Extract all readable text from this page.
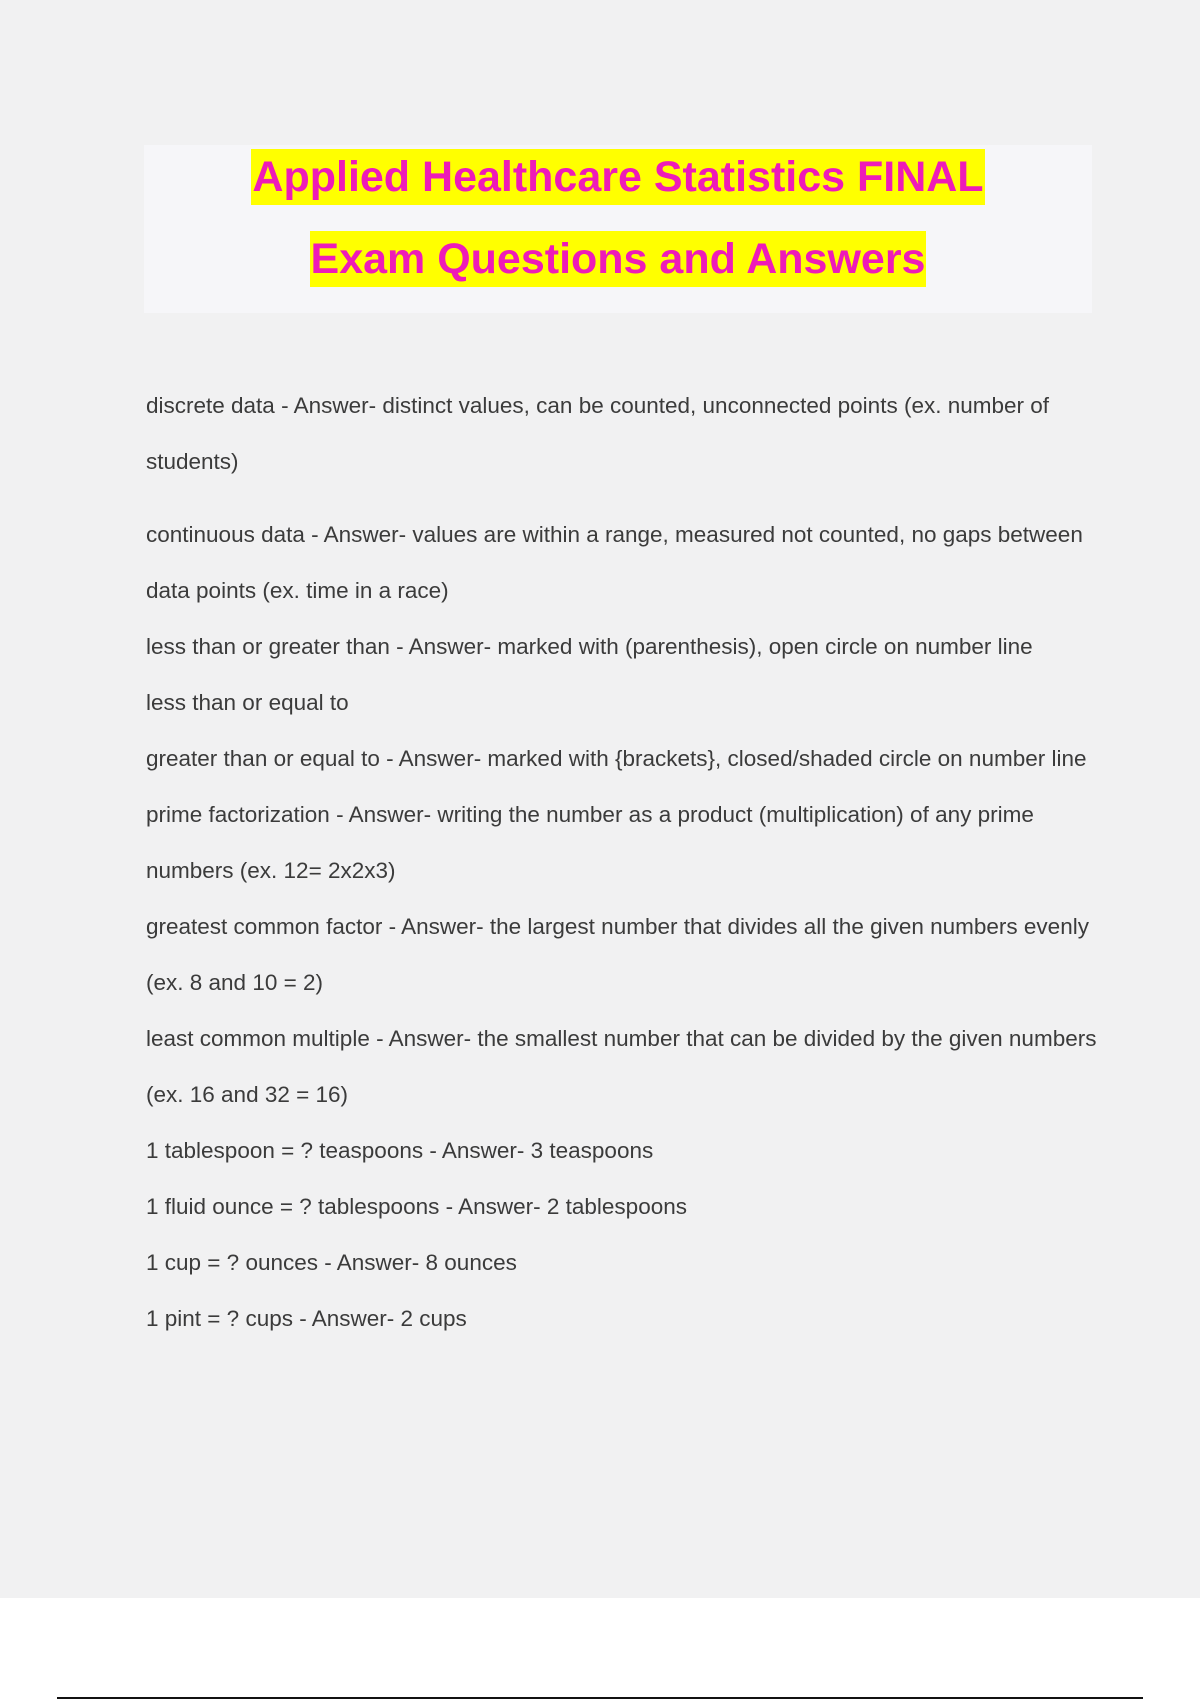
Applied Healthcare Statistics FINAL
Exam Questions and Answers

discrete data - Answer- distinct values, can be counted, unconnected points (ex. number of students)

continuous data - Answer- values are within a range, measured not counted, no gaps between data points (ex. time in a race)

less than or greater than - Answer- marked with (parenthesis), open circle on number line

less than or equal to

greater than or equal to - Answer- marked with {brackets}, closed/shaded circle on number line

prime factorization - Answer- writing the number as a product (multiplication) of any prime numbers (ex. 12= 2x2x3)

greatest common factor - Answer- the largest number that divides all the given numbers evenly (ex. 8 and 10 = 2)

least common multiple - Answer- the smallest number that can be divided by the given numbers (ex. 16 and 32 = 16)

1 tablespoon = ? teaspoons - Answer- 3 teaspoons

1 fluid ounce = ? tablespoons - Answer- 2 tablespoons

1 cup = ? ounces - Answer- 8 ounces

1 pint = ? cups - Answer- 2 cups
